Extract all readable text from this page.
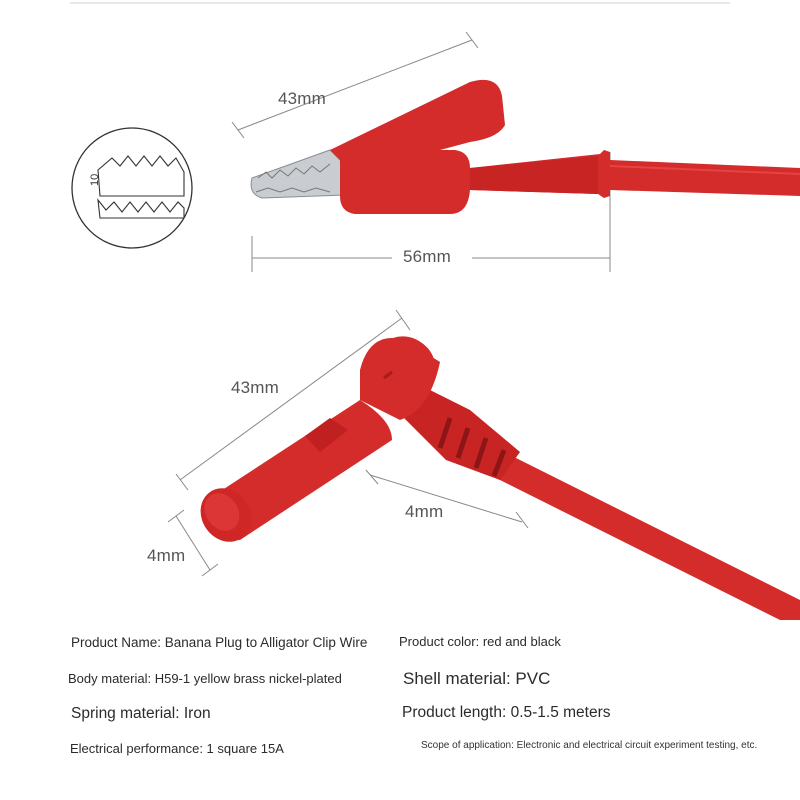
10
43mm
56mm
43mm
4mm
4mm
Product Name: Banana Plug to Alligator Clip Wire Product color: red and black
Body material: H59-1 yellow brass nickel-plated	Shell material: PVC
Spring material: Iron	Product length: 0.5-1.5 meters
Electrical performance: 1 square 15A	Scope of application: Electronic and electrical circuit experiment testing, etc.
